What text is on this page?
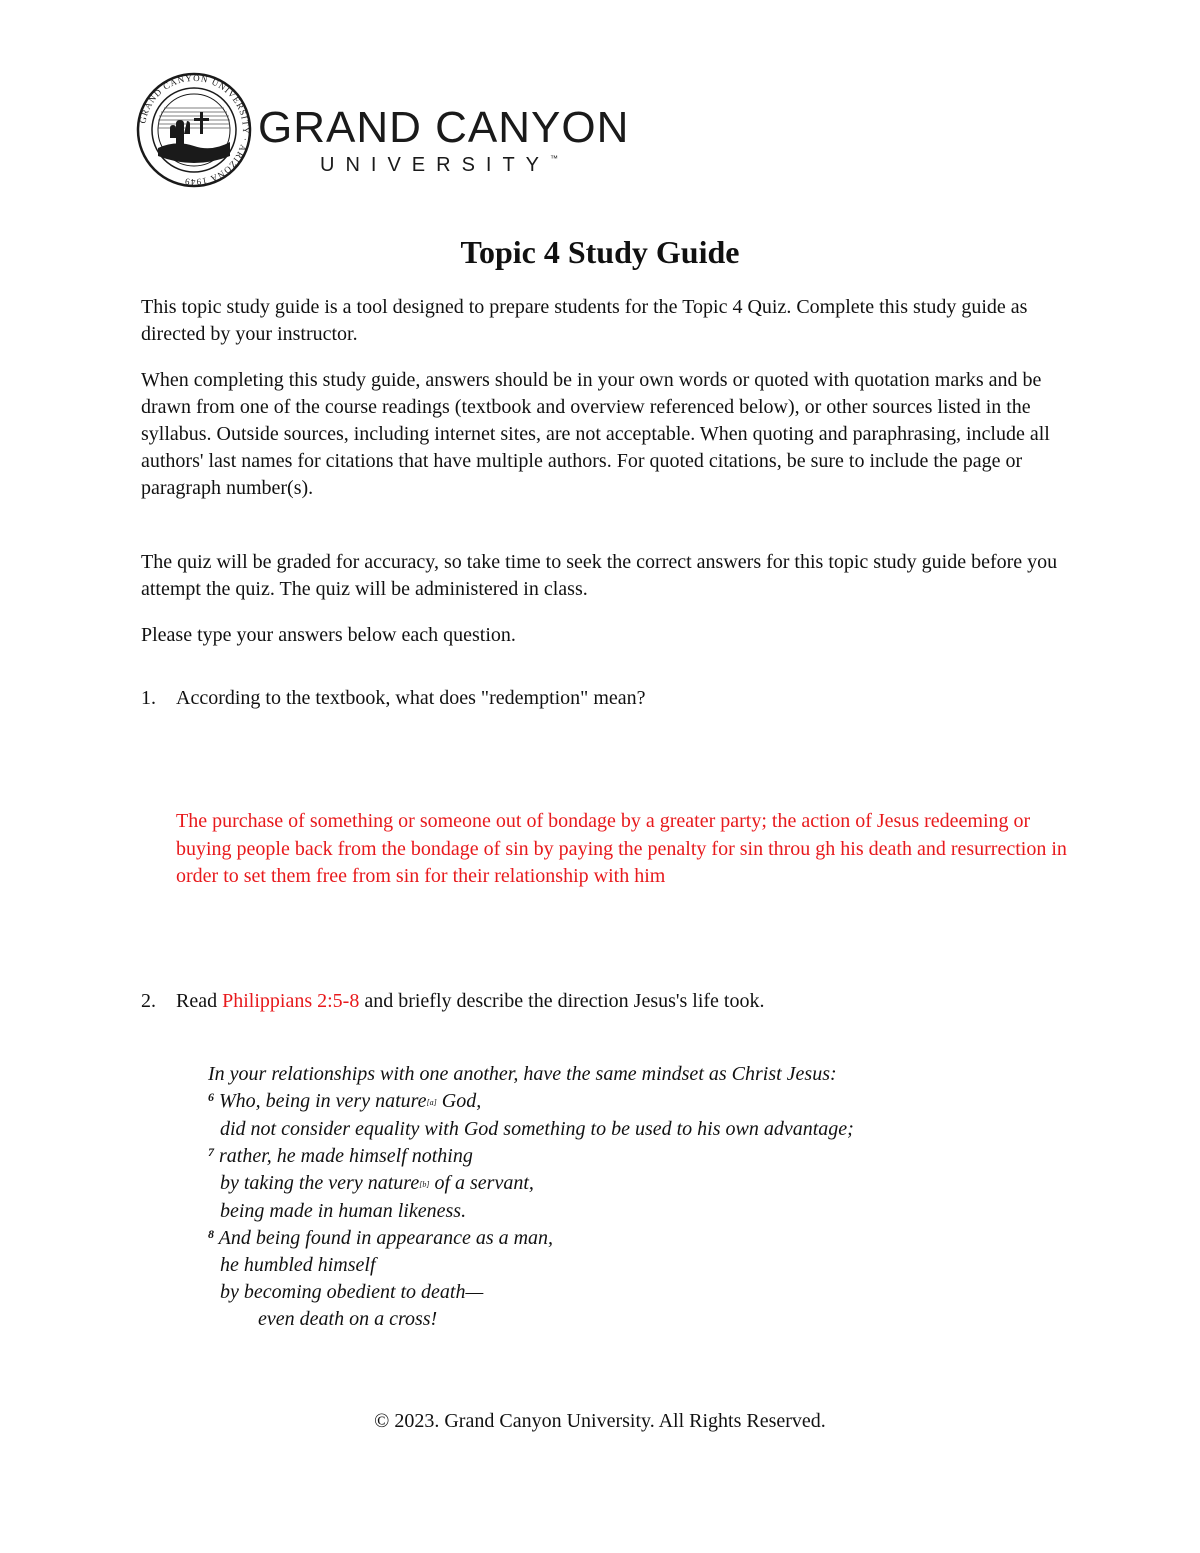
GRAND CANYON UNIVERSITY · ARIZONA 1949
GRAND CANYON
UNIVERSITY™
Topic 4 Study Guide
This topic study guide is a tool designed to prepare students for the Topic 4 Quiz. Complete this study guide as directed by your instructor.
When completing this study guide, answers should be in your own words or quoted with quotation marks and be drawn from one of the course readings (textbook and overview referenced below), or other sources listed in the syllabus. Outside sources, including internet sites, are not acceptable. When quoting and paraphrasing, include all authors' last names for citations that have multiple authors. For quoted citations, be sure to include the page or paragraph number(s).
The quiz will be graded for accuracy, so take time to seek the correct answers for this topic study guide before you attempt the quiz. The quiz will be administered in class.
Please type your answers below each question.
1. According to the textbook, what does "redemption" mean?
The purchase of something or someone out of bondage by a greater party; the action of Jesus redeeming or buying people back from the bondage of sin by paying the penalty for sin throu gh his death and resurrection in order to set them free from sin for their relationship with him
2. Read Philippians 2:5-8 and briefly describe the direction Jesus's life took.
In your relationships with one another, have the same mindset as Christ Jesus:
$^6$ Who, being in very nature[a] God,
did not consider equality with God something to be used to his own advantage;
$^7$ rather, he made himself nothing
by taking the very nature[b] of a servant,
being made in human likeness.
$^8$ And being found in appearance as a man,
he humbled himself
by becoming obedient to death—
even death on a cross!
© 2023. Grand Canyon University. All Rights Reserved.
